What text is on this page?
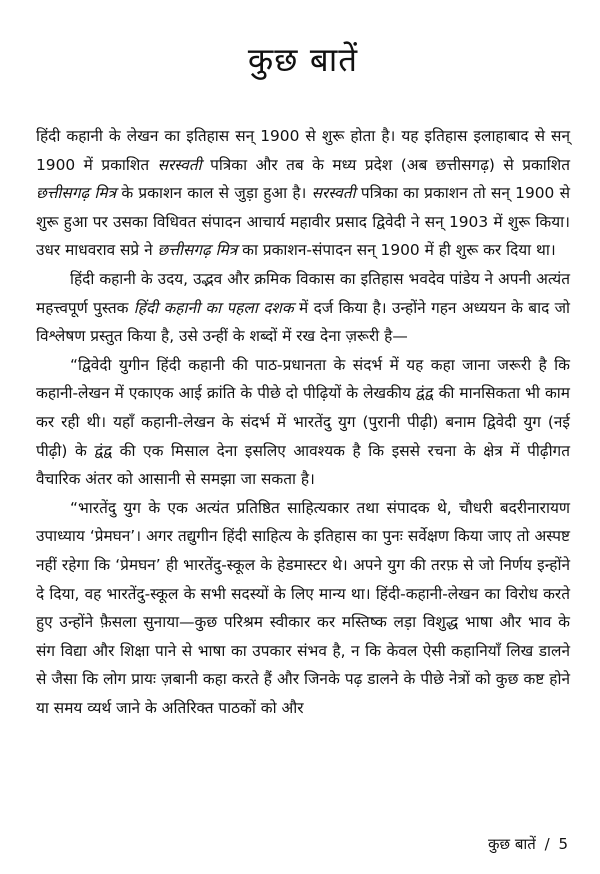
कुछ बातें

हिंदी कहानी के लेखन का इतिहास सन् 1900 से शुरू होता है। यह इतिहास इलाहाबाद से सन् 1900 में प्रकाशित सरस्वती पत्रिका और तब के मध्य प्रदेश (अब छत्तीसगढ़) से प्रकाशित छत्तीसगढ़ मित्र के प्रकाशन काल से जुड़ा हुआ है। सरस्वती पत्रिका का प्रकाशन तो सन् 1900 से शुरू हुआ पर उसका विधिवत संपादन आचार्य महावीर प्रसाद द्विवेदी ने सन् 1903 में शुरू किया। उधर माधवराव सप्रे ने छत्तीसगढ़ मित्र का प्रकाशन-संपादन सन् 1900 में ही शुरू कर दिया था।

हिंदी कहानी के उदय, उद्भव और क्रमिक विकास का इतिहास भवदेव पांडेय ने अपनी अत्यंत महत्त्वपूर्ण पुस्तक हिंदी कहानी का पहला दशक में दर्ज किया है। उन्होंने गहन अध्ययन के बाद जो विश्लेषण प्रस्तुत किया है, उसे उन्हीं के शब्दों में रख देना ज़रूरी है—

“द्विवेदी युगीन हिंदी कहानी की पाठ-प्रधानता के संदर्भ में यह कहा जाना जरूरी है कि कहानी-लेखन में एकाएक आई क्रांति के पीछे दो पीढ़ियों के लेखकीय द्वंद्व की मानसिकता भी काम कर रही थी। यहाँ कहानी-लेखन के संदर्भ में भारतेंदु युग (पुरानी पीढ़ी) बनाम द्विवेदी युग (नई पीढ़ी) के द्वंद्व की एक मिसाल देना इसलिए आवश्यक है कि इससे रचना के क्षेत्र में पीढ़ीगत वैचारिक अंतर को आसानी से समझा जा सकता है।

“भारतेंदु युग के एक अत्यंत प्रतिष्ठित साहित्यकार तथा संपादक थे, चौधरी बदरीनारायण उपाध्याय ‘प्रेमघन’। अगर तद्युगीन हिंदी साहित्य के इतिहास का पुनः सर्वेक्षण किया जाए तो अस्पष्ट नहीं रहेगा कि ‘प्रेमघन’ ही भारतेंदु-स्कूल के हेडमास्टर थे। अपने युग की तरफ़ से जो निर्णय इन्होंने दे दिया, वह भारतेंदु-स्कूल के सभी सदस्यों के लिए मान्य था। हिंदी-कहानी-लेखन का विरोध करते हुए उन्होंने फ़ैसला सुनाया—कुछ परिश्रम स्वीकार कर मस्तिष्क लड़ा विशुद्ध भाषा और भाव के संग विद्या और शिक्षा पाने से भाषा का उपकार संभव है, न कि केवल ऐसी कहानियाँ लिख डालने से जैसा कि लोग प्रायः ज़बानी कहा करते हैं और जिनके पढ़ डालने के पीछे नेत्रों को कुछ कष्ट होने या समय व्यर्थ जाने के अतिरिक्त पाठकों को और

कुछ बातें / 5
